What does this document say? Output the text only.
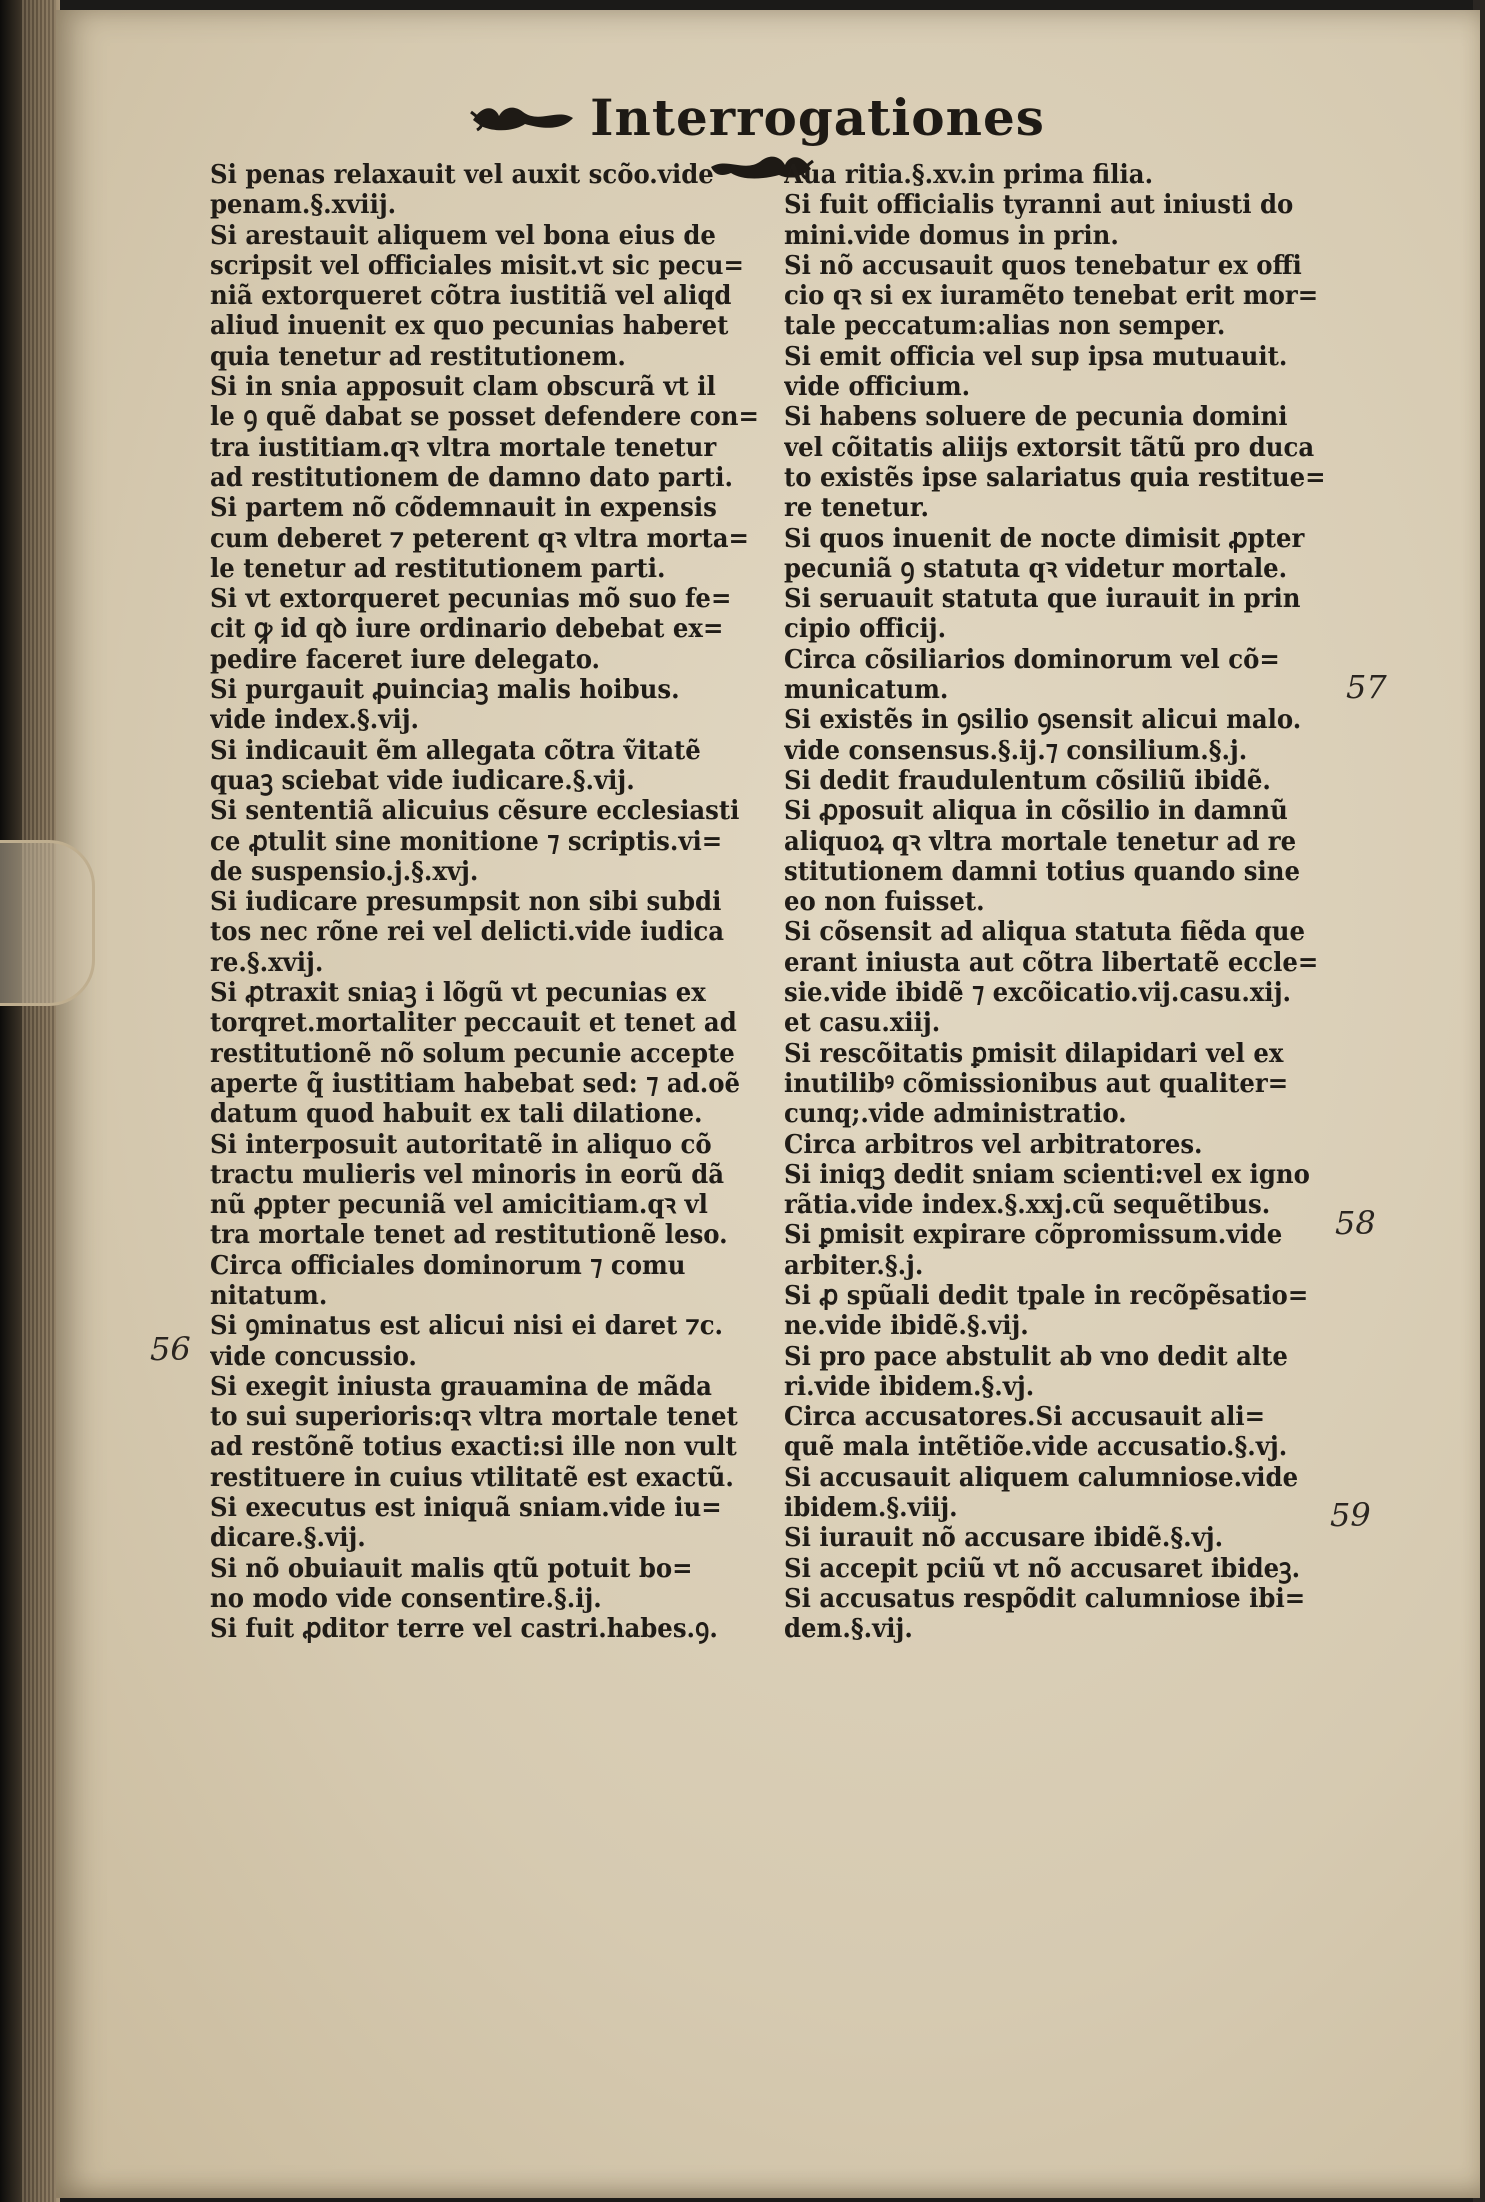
Interrogationes
Si penas relaxauit vel auxit scõo.vide
penam.§.xviij.
Si arestauit aliquem vel bona eius de
scripsit vel officiales misit.vt sic pecu=
niã extorqueret cõtra iustitiã vel aliqd
aliud inuenit ex quo pecunias haberet
quia tenetur ad restitutionem.
Si in snia apposuit clam obscurã vt il
le ꝯ quẽ dabat se posset defendere con=
tra iustitiam.qꝛ vltra mortale tenetur
ad restitutionem de damno dato parti.
Si partem nõ cõdemnauit in expensis
cum deberet ⁊ peterent qꝛ vltra morta=
le tenetur ad restitutionem parti.
Si vt extorqueret pecunias mõ suo fe=
cit ꝙ id qꝺ iure ordinario debebat ex=
pedire faceret iure delegato.
Si purgauit ꝓuinciaꝫ malis hoibus.
vide index.§.vij.
Si indicauit ẽm allegata cõtra ṽitatẽ
quaꝫ sciebat vide iudicare.§.vij.
Si sententiã alicuius cẽsure ecclesiasti
ce ꝓtulit sine monitione ⁊ scriptis.vi=
de suspensio.j.§.xvj.
Si iudicare presumpsit non sibi subdi
tos nec rõne rei vel delicti.vide iudica
re.§.xvij.
Si ꝓtraxit sniaꝫ i lõgũ vt pecunias ex
torqret.mortaliter peccauit et tenet ad
restitutionẽ nõ solum pecunie accepte
aperte q̃ iustitiam habebat sed: ⁊ ad.oẽ
datum quod habuit ex tali dilatione.
Si interposuit autoritatẽ in aliquo cõ
tractu mulieris vel minoris in eorũ dã
nũ ꝓpter pecuniã vel amicitiam.qꝛ vl
tra mortale tenet ad restitutionẽ leso.
Circa officiales dominorum ⁊ comu
nitatum.
Si ꝯminatus est alicui nisi ei daret ⁊c.
vide concussio.
Si exegit iniusta grauamina de mãda
to sui superioris:qꝛ vltra mortale tenet
ad restõnẽ totius exacti:si ille non vult
restituere in cuius vtilitatẽ est exactũ.
Si executus est iniquã sniam.vide iu=
dicare.§.vij.
Si nõ obuiauit malis qtũ potuit bo=
no modo vide consentire.§.ij.
Si fuit ꝓditor terre vel castri.habes.ꝯ.
Aua ritia.§.xv.in prima filia.
Si fuit officialis tyranni aut iniusti do
mini.vide domus in prin.
Si nõ accusauit quos tenebatur ex offi
cio qꝛ si ex iuramẽto tenebat erit mor=
tale peccatum:alias non semper.
Si emit officia vel sup ipsa mutuauit.
vide officium.
Si habens soluere de pecunia domini
vel cõitatis aliĳs extorsit tãtũ pro duca
to existẽs ipse salariatus quia restitue=
re tenetur.
Si quos inuenit de nocte dimisit ꝓpter
pecuniã ꝯ statuta qꝛ videtur mortale.
Si seruauit statuta que iurauit in prin
cipio officij.
Circa cõsiliarios dominorum vel cõ=
municatum.
Si existẽs in ꝯsilio ꝯsensit alicui malo.
vide consensus.§.ij.⁊ consilium.§.j.
Si dedit fraudulentum cõsiliũ ibidẽ.
Si ꝓposuit aliqua in cõsilio in damnũ
aliquoꝝ qꝛ vltra mortale tenetur ad re
stitutionem damni totius quando sine
eo non fuisset.
Si cõsensit ad aliqua statuta fiẽda que
erant iniusta aut cõtra libertatẽ eccle=
sie.vide ibidẽ ⁊ excõicatio.vij.casu.xij.
et casu.xiij.
Si rescõitatis ꝑmisit dilapidari vel ex
inutilibꝰ cõmissionibus aut qualiter=
cunq;.vide administratio.
Circa arbitros vel arbitratores.
Si iniqꝫ dedit sniam scienti:vel ex igno
rãtia.vide index.§.xxj.cũ sequẽtibus.
Si ꝑmisit expirare cõpromissum.vide
arbiter.§.j.
Si ꝓ spũali dedit tpale in recõpẽsatio=
ne.vide ibidẽ.§.vij.
Si pro pace abstulit ab vno dedit alte
ri.vide ibidem.§.vj.
Circa accusatores.Si accusauit ali=
quẽ mala intẽtiõe.vide accusatio.§.vj.
Si accusauit aliquem calumniose.vide
ibidem.§.viij.
Si iurauit nõ accusare ibidẽ.§.vj.
Si accepit pciũ vt nõ accusaret ibideꝫ.
Si accusatus respõdit calumniose ibi=
dem.§.vij.
56
57
58
59
